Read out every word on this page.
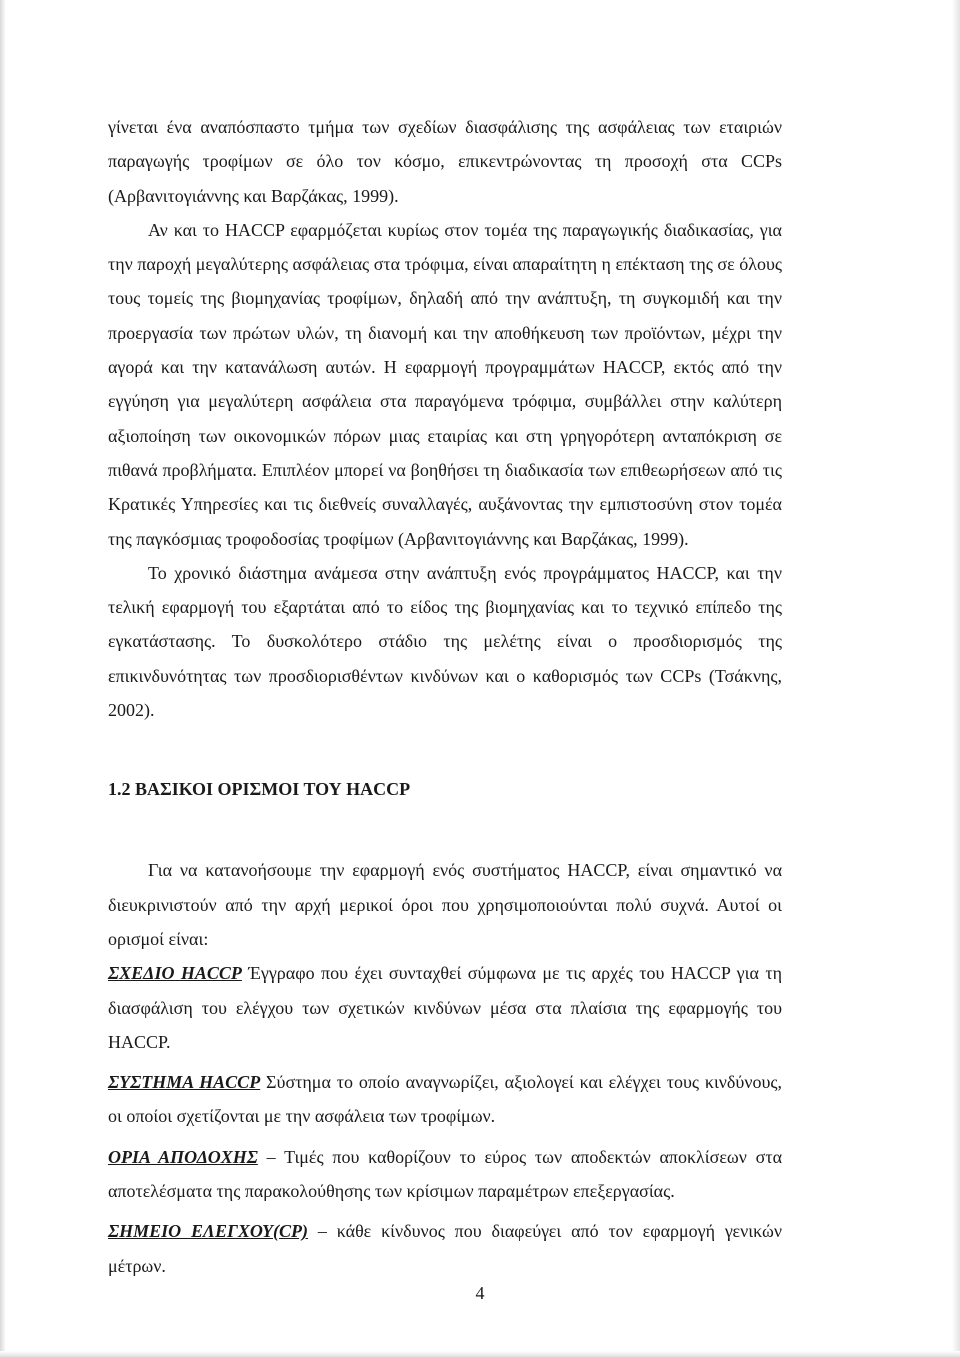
γίνεται ένα αναπόσπαστο τμήμα των σχεδίων διασφάλισης της ασφάλειας των εταιριών παραγωγής τροφίμων σε όλο τον κόσμο, επικεντρώνοντας τη προσοχή στα CCPs (Αρβανιτογιάννης και Βαρζάκας, 1999).

Αν και το HACCP εφαρμόζεται κυρίως στον τομέα της παραγωγικής διαδικασίας, για την παροχή μεγαλύτερης ασφάλειας στα τρόφιμα, είναι απαραίτητη η επέκταση της σε όλους τους τομείς της βιομηχανίας τροφίμων, δηλαδή από την ανάπτυξη, τη συγκομιδή και την προεργασία των πρώτων υλών, τη διανομή και την αποθήκευση των προϊόντων, μέχρι την αγορά και την κατανάλωση αυτών. Η εφαρμογή προγραμμάτων HACCP, εκτός από την εγγύηση για μεγαλύτερη ασφάλεια στα παραγόμενα τρόφιμα, συμβάλλει στην καλύτερη αξιοποίηση των οικονομικών πόρων μιας εταιρίας και στη γρηγορότερη ανταπόκριση σε πιθανά προβλήματα. Επιπλέον μπορεί να βοηθήσει τη διαδικασία των επιθεωρήσεων από τις Κρατικές Υπηρεσίες και τις διεθνείς συναλλαγές, αυξάνοντας την εμπιστοσύνη στον τομέα της παγκόσμιας τροφοδοσίας τροφίμων (Αρβανιτογιάννης και Βαρζάκας, 1999).

Το χρονικό διάστημα ανάμεσα στην ανάπτυξη ενός προγράμματος HACCP, και την τελική εφαρμογή του εξαρτάται από το είδος της βιομηχανίας και το τεχνικό επίπεδο της εγκατάστασης. Το δυσκολότερο στάδιο της μελέτης είναι ο προσδιορισμός της επικινδυνότητας των προσδιορισθέντων κινδύνων και ο καθορισμός των CCPs (Τσάκνης, 2002).

1.2 ΒΑΣΙΚΟΙ ΟΡΙΣΜΟΙ ΤΟΥ HACCP

Για να κατανοήσουμε την εφαρμογή ενός συστήματος HACCP, είναι σημαντικό να διευκρινιστούν από την αρχή μερικοί όροι που χρησιμοποιούνται πολύ συχνά. Αυτοί οι ορισμοί είναι:

ΣΧΕΔΙΟ HACCP Έγγραφο που έχει συνταχθεί σύμφωνα με τις αρχές του HACCP για τη διασφάλιση του ελέγχου των σχετικών κινδύνων μέσα στα πλαίσια της εφαρμογής του HACCP.

ΣΥΣΤΗΜΑ HACCP Σύστημα το οποίο αναγνωρίζει, αξιολογεί και ελέγχει τους κινδύνους, οι οποίοι σχετίζονται με την ασφάλεια των τροφίμων.

ΟΡΙΑ ΑΠΟΔΟΧΗΣ – Τιμές που καθορίζουν το εύρος των αποδεκτών αποκλίσεων στα αποτελέσματα της παρακολούθησης των κρίσιμων παραμέτρων επεξεργασίας.

ΣΗΜΕΙΟ ΕΛΕΓΧΟΥ(CP) – κάθε κίνδυνος που διαφεύγει από τον εφαρμογή γενικών μέτρων.

4
